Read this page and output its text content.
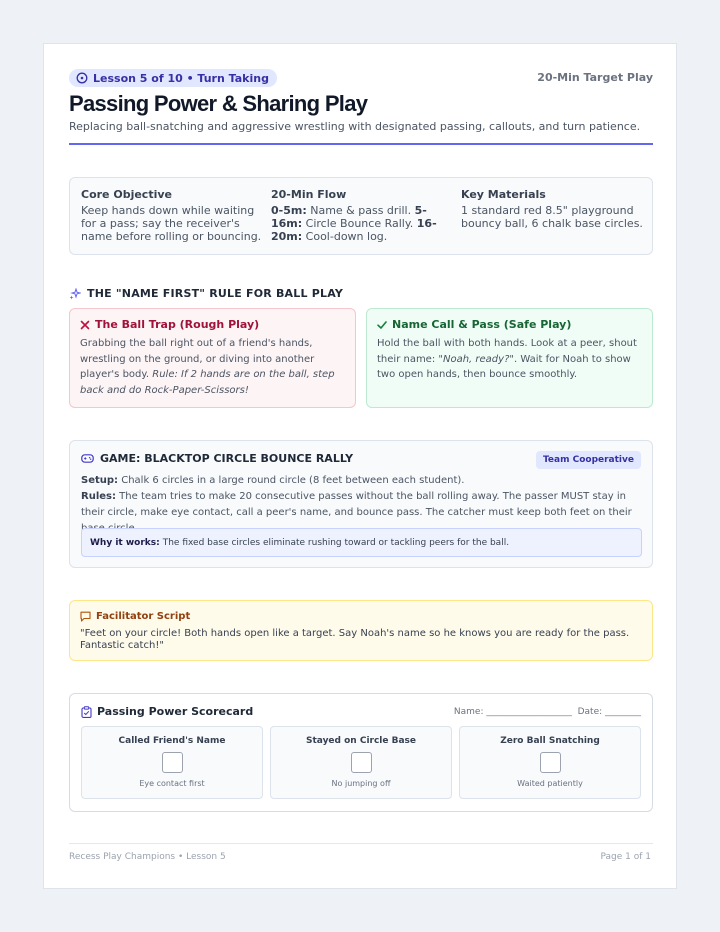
Lesson 5 of 10 • Turn Taking	20-Min Target Play
Passing Power & Sharing Play

Replacing ball-snatching and aggressive wrestling with designated passing, callouts, and turn patience.

Core Objective

Keep hands down while waiting for a pass; say the receiver's name before rolling or bouncing.

20-Min Flow

0-5m: Name & pass drill. 5-16m: Circle Bounce Rally. 16-20m: Cool-down log.

Key Materials

1 standard red 8.5" playground bouncy ball, 6 chalk base circles.

THE "NAME FIRST" RULE FOR BALL PLAY
The Ball Trap (Rough Play)

Grabbing the ball right out of a friend's hands, wrestling on the ground, or diving into another player's body. Rule: If 2 hands are on the ball, step back and do Rock-Paper-Scissors!

Name Call & Pass (Safe Play)

Hold the ball with both hands. Look at a peer, shout their name: "Noah, ready?". Wait for Noah to show two open hands, then bounce smoothly.

GAME: BLACKTOP CIRCLE BOUNCE RALLY	Team Cooperative

Setup: Chalk 6 circles in a large round circle (8 feet between each student).

Rules: The team tries to make 20 consecutive passes without the ball rolling away. The passer MUST stay in their circle, make eye contact, call a peer's name, and bounce pass. The catcher must keep both feet on their

Why it works: The fixed base circles eliminate rushing toward or tackling peers for the ball.
Facilitator Script

"Feet on your circle! Both hands open like a target. Say Noah's name so he knows you are ready for the pass. Fantastic catch!"

Passing Power Scorecard	Name: ___________________ Date: ________
Called Friend's Name
Eye contact first
Stayed on Circle Base
No jumping off
Zero Ball Snatching
Waited patiently
Recess Play Champions • Lesson 5	Page 1 of 1
